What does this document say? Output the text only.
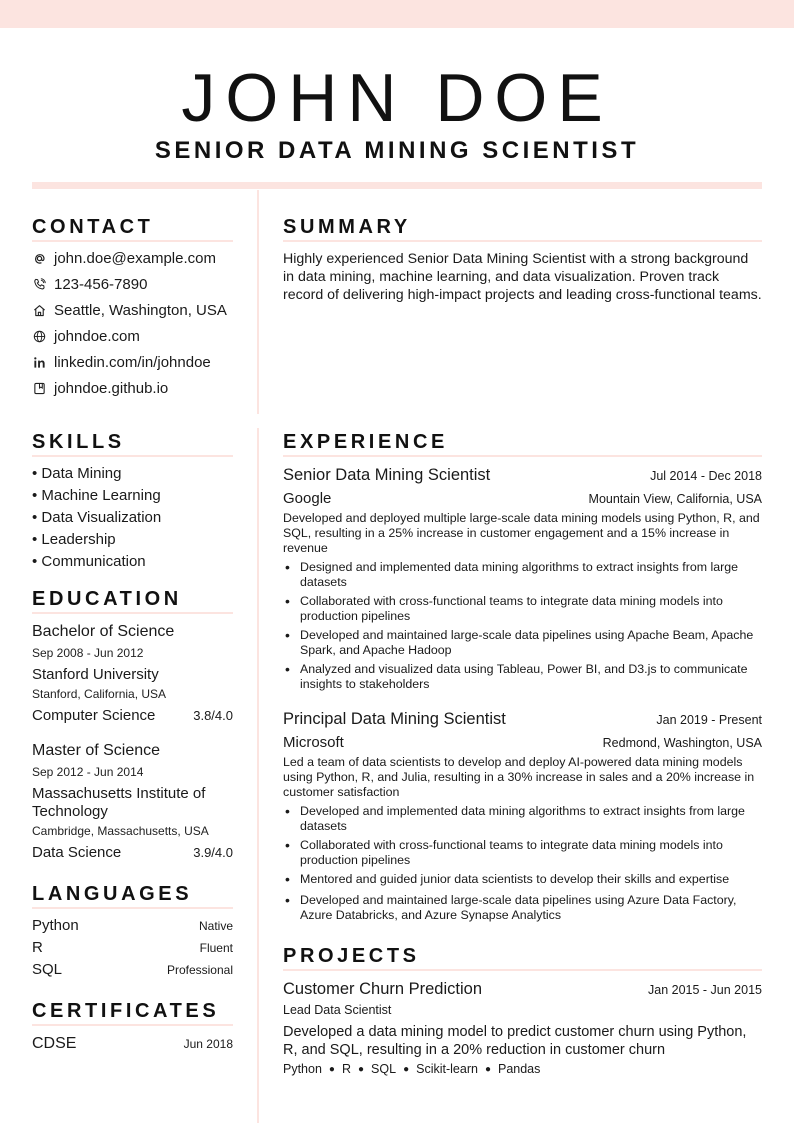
JOHN DOE
SENIOR DATA MINING SCIENTIST
CONTACT
john.doe@example.com
123-456-7890
Seattle, Washington, USA
johndoe.com
linkedin.com/in/johndoe
johndoe.github.io
SUMMARY
Highly experienced Senior Data Mining Scientist with a strong background in data mining, machine learning, and data visualization. Proven track record of delivering high-impact projects and leading cross-functional teams.
SKILLS
• Data Mining
• Machine Learning
• Data Visualization
• Leadership
• Communication
EDUCATION
Bachelor of Science
Sep 2008 - Jun 2012
Stanford University
Stanford, California, USA
Computer Science	3.8/4.0
Master of Science
Sep 2012 - Jun 2014
Massachusetts Institute of Technology
Cambridge, Massachusetts, USA
Data Science	3.9/4.0
LANGUAGES
Python	Native
R	Fluent
SQL	Professional
CERTIFICATES
CDSE	Jun 2018
EXPERIENCE
Senior Data Mining Scientist	Jul 2014 - Dec 2018
Google	Mountain View, California, USA
Developed and deployed multiple large-scale data mining models using Python, R, and SQL, resulting in a 25% increase in customer engagement and a 15% increase in revenue
• Designed and implemented data mining algorithms to extract insights from large datasets
• Collaborated with cross-functional teams to integrate data mining models into production pipelines
• Developed and maintained large-scale data pipelines using Apache Beam, Apache Spark, and Apache Hadoop
• Analyzed and visualized data using Tableau, Power BI, and D3.js to communicate insights to stakeholders
Principal Data Mining Scientist	Jan 2019 - Present
Microsoft	Redmond, Washington, USA
Led a team of data scientists to develop and deploy AI-powered data mining models using Python, R, and Julia, resulting in a 30% increase in sales and a 20% increase in customer satisfaction
• Developed and implemented data mining algorithms to extract insights from large datasets
• Collaborated with cross-functional teams to integrate data mining models into production pipelines
• Mentored and guided junior data scientists to develop their skills and expertise
• Developed and maintained large-scale data pipelines using Azure Data Factory, Azure Databricks, and Azure Synapse Analytics
PROJECTS
Customer Churn Prediction	Jan 2015 - Jun 2015
Lead Data Scientist
Developed a data mining model to predict customer churn using Python, R, and SQL, resulting in a 20% reduction in customer churn
Python ● R ● SQL ● Scikit-learn ● Pandas
